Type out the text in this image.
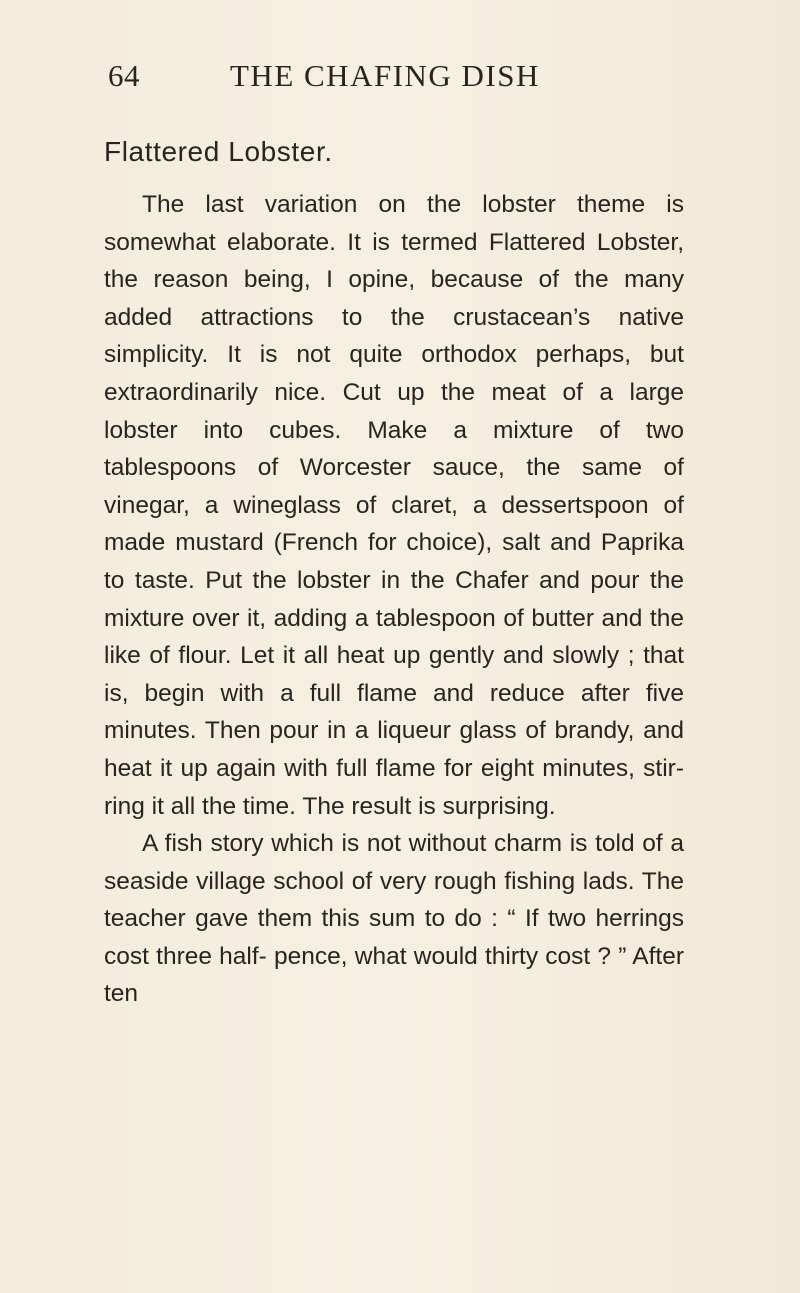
64	THE CHAFING DISH
Flattered Lobster.

The last variation on the lobster theme is somewhat elaborate. It is termed Flattered Lobster, the reason being, I opine, because of the many added attractions to the crustacean’s native simplicity. It is not quite orthodox perhaps, but extraordinarily nice. Cut up the meat of a large lobster into cubes. Make a mixture of two tablespoons of Worcester sauce, the same of vinegar, a wineglass of claret, a dessertspoon of made mustard (French for choice), salt and Paprika to taste. Put the lobster in the Chafer and pour the mixture over it, adding a tablespoon of butter and the like of flour. Let it all heat up gently and slowly ; that is, begin with a full flame and reduce after five minutes. Then pour in a liqueur glass of brandy, and heat it up again with full flame for eight minutes, stir- ring it all the time. The result is surprising.

A fish story which is not without charm is told of a seaside village school of very rough fishing lads. The teacher gave them this sum to do : “ If two herrings cost three half- pence, what would thirty cost ? ” After ten
